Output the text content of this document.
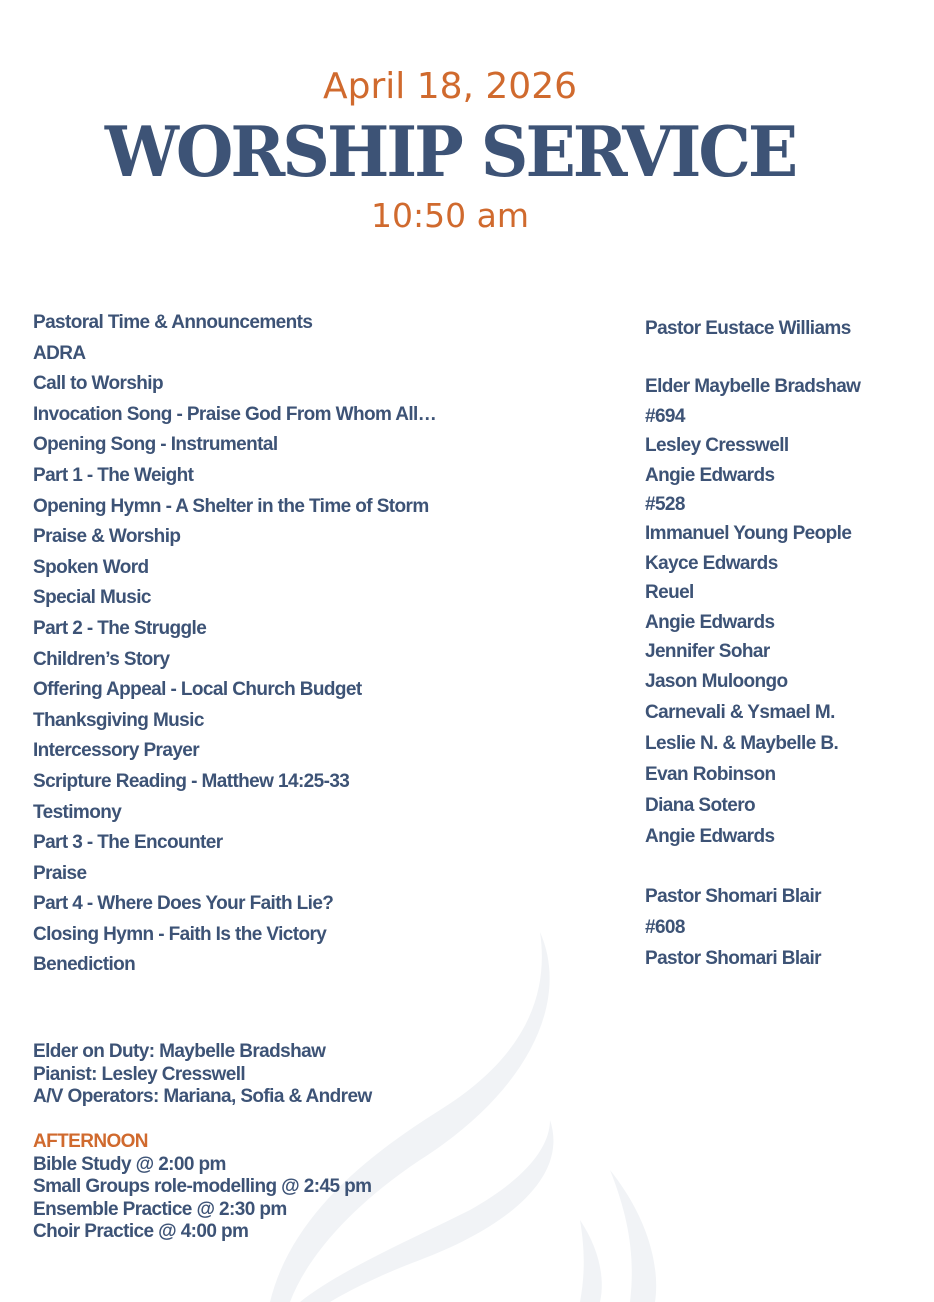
April 18, 2026
WORSHIP SERVICE
10:50 am
Pastoral Time & Announcements
ADRA
Call to Worship
Invocation Song - Praise God From Whom All…
Opening Song - Instrumental
Part 1 - The Weight
Opening Hymn - A Shelter in the Time of Storm
Praise & Worship
Spoken Word
Special Music
Part 2 - The Struggle
Children’s Story
Offering Appeal - Local Church Budget
Thanksgiving Music
Intercessory Prayer
Scripture Reading - Matthew 14:25-33
Testimony
Part 3 - The Encounter
Praise
Part 4 - Where Does Your Faith Lie?
Closing Hymn - Faith Is the Victory
Benediction
Pastor Eustace Williams
Elder Maybelle Bradshaw
#694
Lesley Cresswell
Angie Edwards
#528
Immanuel Young People
Kayce Edwards
Reuel
Angie Edwards
Jennifer Sohar
Jason Muloongo
Carnevali & Ysmael M.
Leslie N. & Maybelle B.
Evan Robinson
Diana Sotero
Angie Edwards
Pastor Shomari Blair
#608
Pastor Shomari Blair
Elder on Duty: Maybelle Bradshaw
Pianist: Lesley Cresswell
A/V Operators: Mariana, Sofia & Andrew
AFTERNOON
Bible Study @ 2:00 pm
Small Groups role-modelling @ 2:45 pm
Ensemble Practice @ 2:30 pm
Choir Practice @ 4:00 pm
